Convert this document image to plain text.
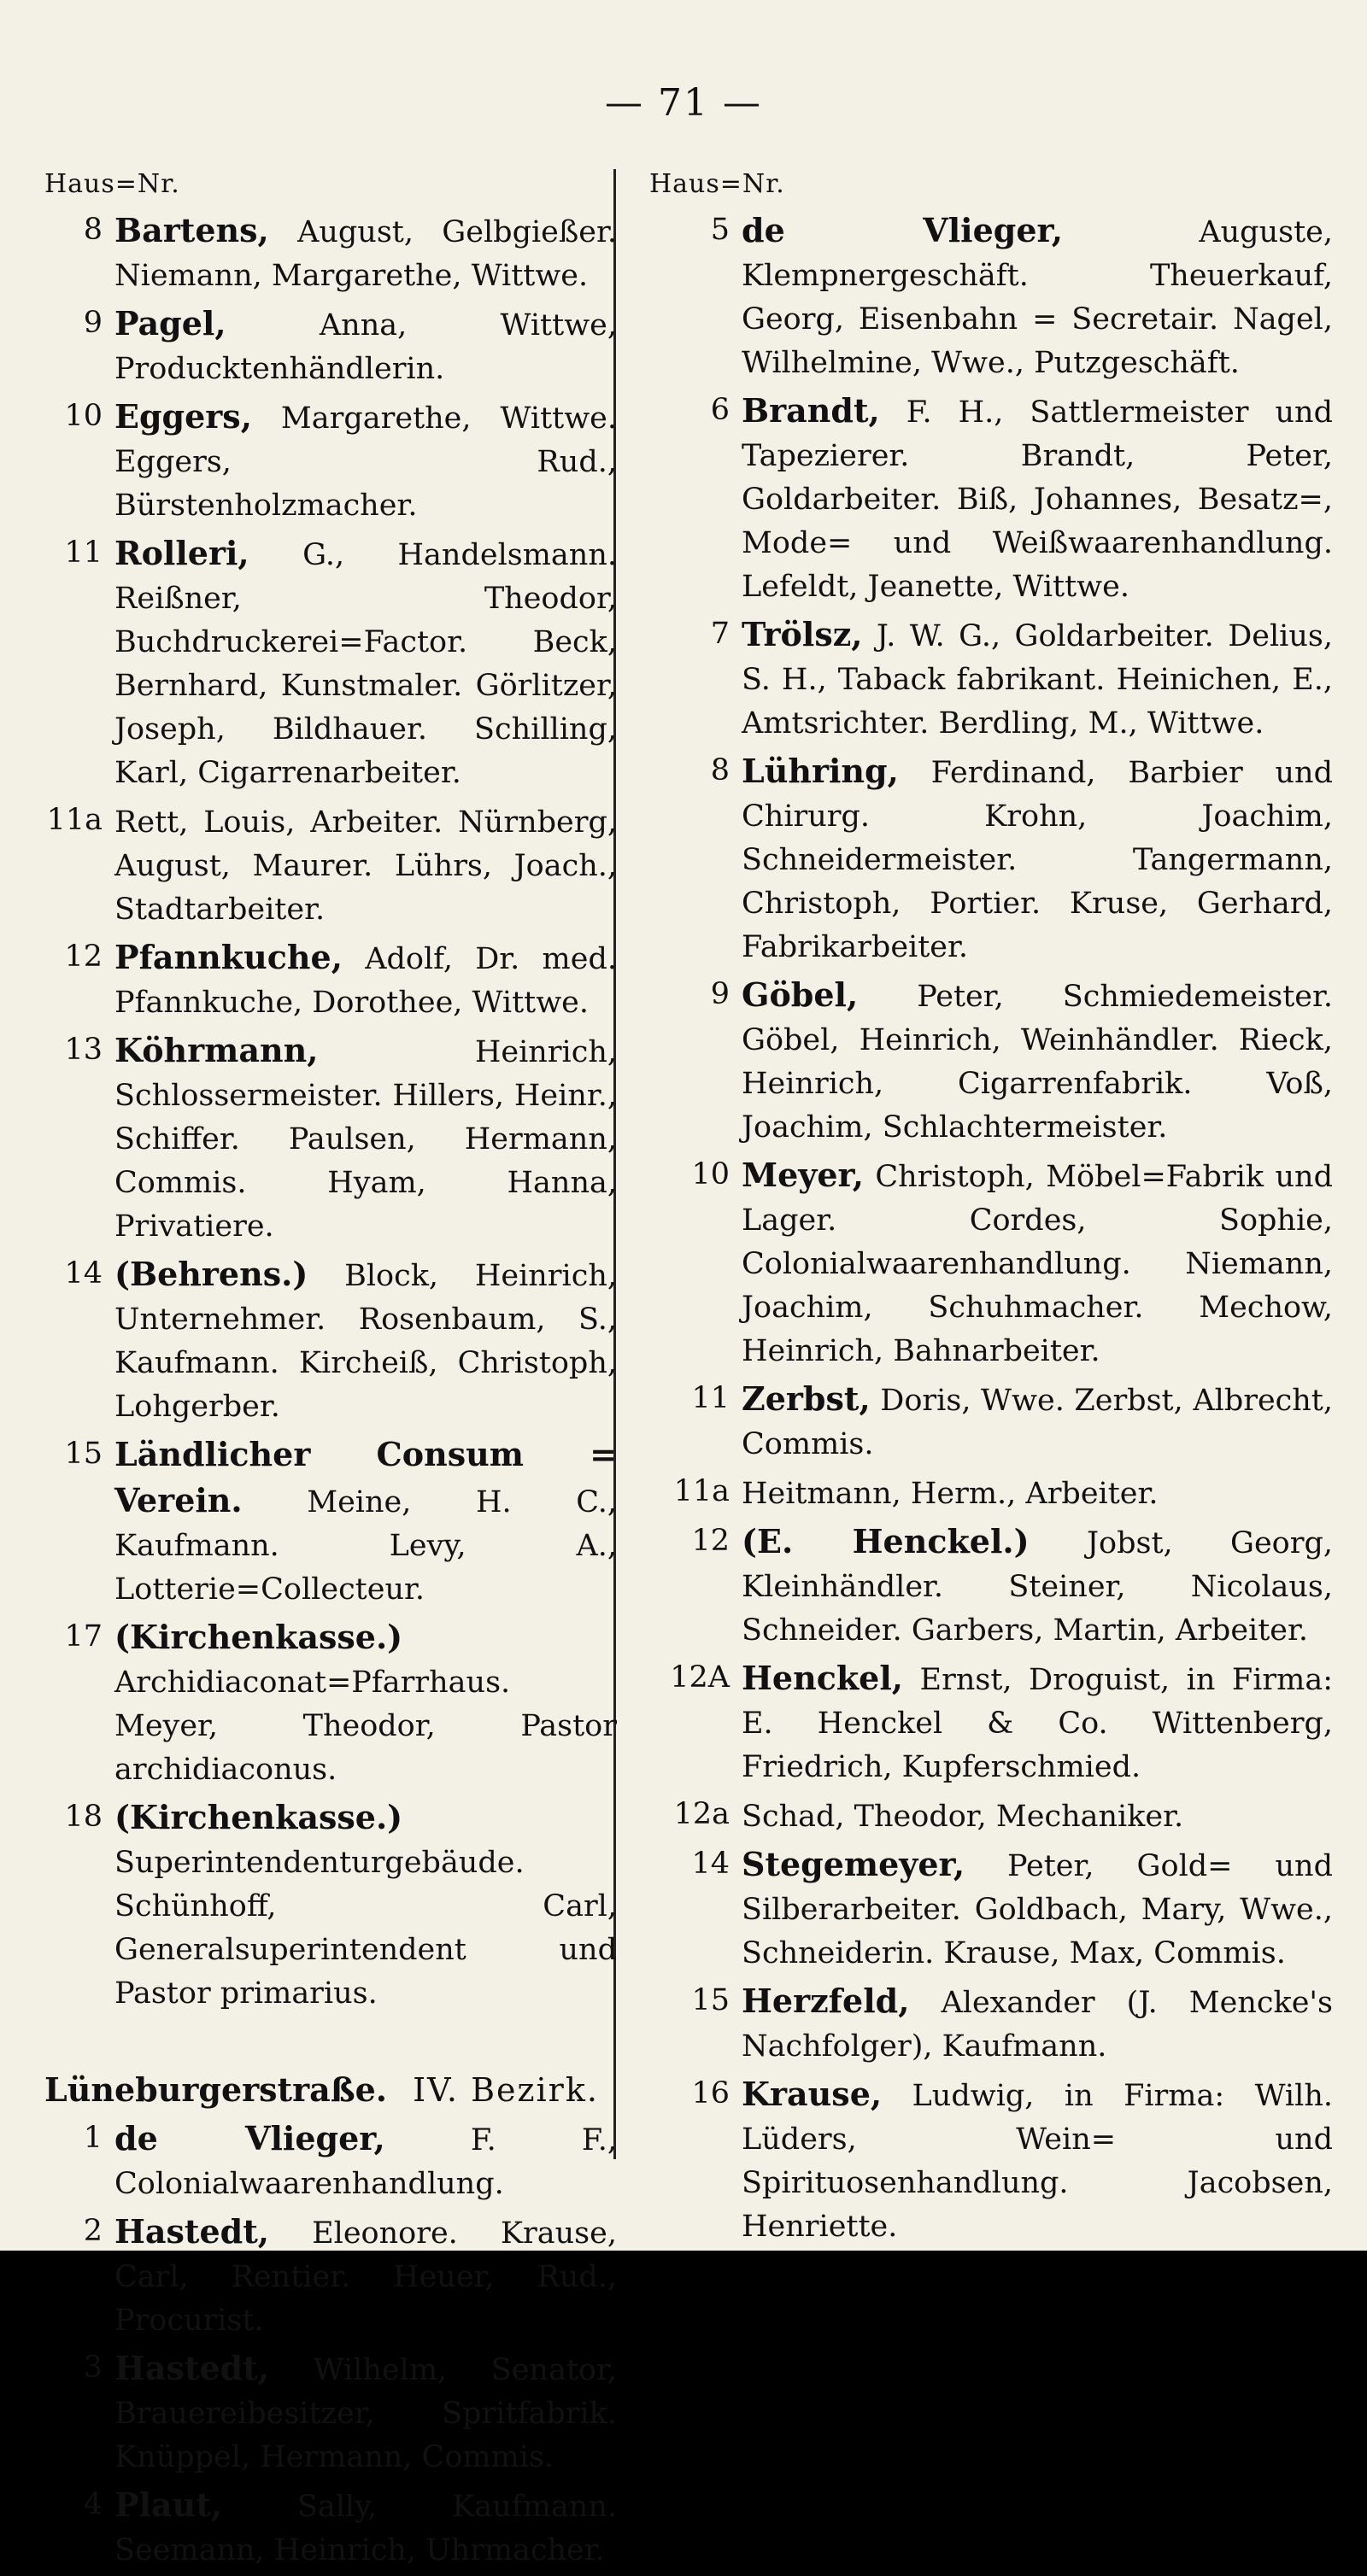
— 71 —
Haus=Nr.
8 Bartens, August, Gelbgießer. Niemann, Margarethe, Wittwe.
9 Pagel, Anna, Wittwe, Producktenhändlerin.
10 Eggers, Margarethe, Wittwe. Eggers, Rud., Bürstenholzmacher.
11 Rolleri, G., Handelsmann. Reißner, Theodor, Buchdruckerei=Factor. Beck, Bernhard, Kunstmaler. Görlitzer, Joseph, Bildhauer. Schilling, Karl, Cigarrenarbeiter.
11a Rett, Louis, Arbeiter. Nürnberg, August, Maurer. Lührs, Joach., Stadtarbeiter.
12 Pfannkuche, Adolf, Dr. med. Pfannkuche, Dorothee, Wittwe.
13 Köhrmann, Heinrich, Schlossermeister. Hillers, Heinr., Schiffer. Paulsen, Hermann, Commis. Hyam, Hanna, Privatiere.
14 (Behrens.) Block, Heinrich, Unternehmer. Rosenbaum, S., Kaufmann. Kircheiß, Christoph, Lohgerber.
15 Ländlicher Consum = Verein. Meine, H. C., Kaufmann. Levy, A., Lotterie=Collecteur.
17 (Kirchenkasse.) Archidiaconat=Pfarrhaus. Meyer, Theodor, Pastor archidiaconus.
18 (Kirchenkasse.) Superintendenturgebäude. Schünhoff, Carl, Generalsuperintendent und Pastor primarius.
Lüneburgerstraße. IV. Bezirk.
1 de Vlieger, F. F., Colonialwaarenhandlung.
2 Hastedt, Eleonore. Krause, Carl, Rentier. Heuer, Rud., Procurist.
3 Hastedt, Wilhelm, Senator, Brauereibesitzer, Spritfabrik. Knüppel, Hermann, Commis.
4 Plaut, Sally, Kaufmann. Seemann, Heinrich, Uhrmacher.
Haus=Nr.
5 de Vlieger, Auguste, Klempnergeschäft. Theuerkauf, Georg, Eisenbahn = Secretair. Nagel, Wilhelmine, Wwe., Putzgeschäft.
6 Brandt, F. H., Sattlermeister und Tapezierer. Brandt, Peter, Goldarbeiter. Biß, Johannes, Besatz=, Mode= und Weißwaarenhandlung. Lefeldt, Jeanette, Wittwe.
7 Trölsz, J. W. G., Goldarbeiter. Delius, S. H., Taback fabrikant. Heinichen, E., Amtsrichter. Berdling, M., Wittwe.
8 Lühring, Ferdinand, Barbier und Chirurg. Krohn, Joachim, Schneidermeister. Tangermann, Christoph, Portier. Kruse, Gerhard, Fabrikarbeiter.
9 Göbel, Peter, Schmiedemeister. Göbel, Heinrich, Weinhändler. Rieck, Heinrich, Cigarrenfabrik. Voß, Joachim, Schlachtermeister.
10 Meyer, Christoph, Möbel=Fabrik und Lager. Cordes, Sophie, Colonialwaarenhandlung. Niemann, Joachim, Schuhmacher. Mechow, Heinrich, Bahnarbeiter.
11 Zerbst, Doris, Wwe. Zerbst, Albrecht, Commis.
11a Heitmann, Herm., Arbeiter.
12 (E. Henckel.) Jobst, Georg, Kleinhändler. Steiner, Nicolaus, Schneider. Garbers, Martin, Arbeiter.
12A Henckel, Ernst, Droguist, in Firma: E. Henckel & Co. Wittenberg, Friedrich, Kupferschmied.
12a Schad, Theodor, Mechaniker.
14 Stegemeyer, Peter, Gold= und Silberarbeiter. Goldbach, Mary, Wwe., Schneiderin. Krause, Max, Commis.
15 Herzfeld, Alexander (J. Mencke's Nachfolger), Kaufmann.
16 Krause, Ludwig, in Firma: Wilh. Lüders, Wein= und Spirituosenhandlung. Jacobsen, Henriette.
